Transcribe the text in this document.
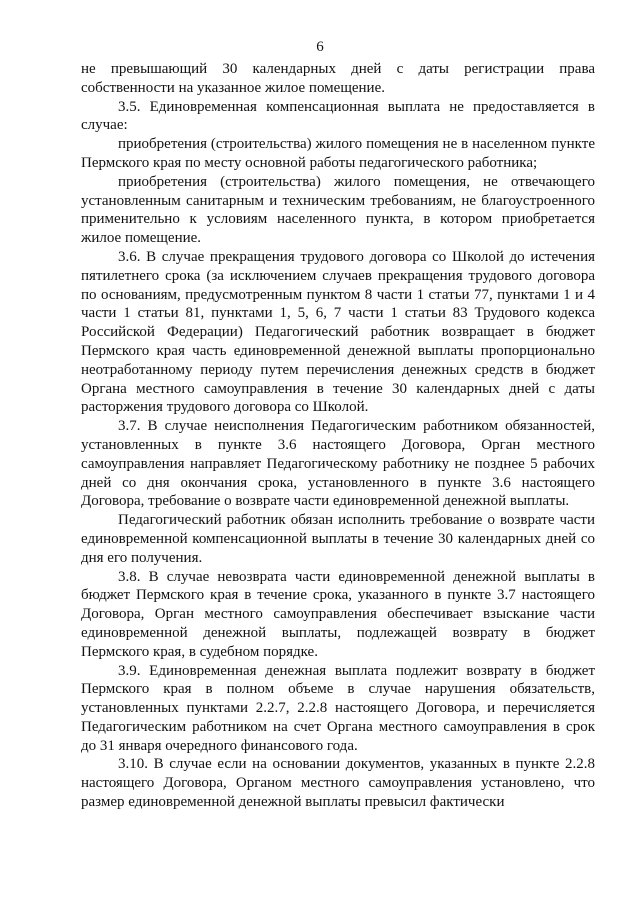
6

не превышающий 30 календарных дней с даты регистрации права собственности на указанное жилое помещение.

3.5. Единовременная компенсационная выплата не предоставляется в случае:

приобретения (строительства) жилого помещения не в населенном пункте Пермского края по месту основной работы педагогического работника;

приобретения (строительства) жилого помещения, не отвечающего установленным санитарным и техническим требованиям, не благоустроенного применительно к условиям населенного пункта, в котором приобретается жилое помещение.

3.6. В случае прекращения трудового договора со Школой до истечения пятилетнего срока (за исключением случаев прекращения трудового договора по основаниям, предусмотренным пунктом 8 части 1 статьи 77, пунктами 1 и 4 части 1 статьи 81, пунктами 1, 5, 6, 7 части 1 статьи 83 Трудового кодекса Российской Федерации) Педагогический работник возвращает в бюджет Пермского края часть единовременной денежной выплаты пропорционально неотработанному периоду путем перечисления денежных средств в бюджет Органа местного самоуправления в течение 30 календарных дней с даты расторжения трудового договора со Школой.

3.7. В случае неисполнения Педагогическим работником обязанностей, установленных в пункте 3.6 настоящего Договора, Орган местного самоуправления направляет Педагогическому работнику не позднее 5 рабочих дней со дня окончания срока, установленного в пункте 3.6 настоящего Договора, требование о возврате части единовременной денежной выплаты.

Педагогический работник обязан исполнить требование о возврате части единовременной компенсационной выплаты в течение 30 календарных дней со дня его получения.

3.8. В случае невозврата части единовременной денежной выплаты в бюджет Пермского края в течение срока, указанного в пункте 3.7 настоящего Договора, Орган местного самоуправления обеспечивает взыскание части единовременной денежной выплаты, подлежащей возврату в бюджет Пермского края, в судебном порядке.

3.9. Единовременная денежная выплата подлежит возврату в бюджет Пермского края в полном объеме в случае нарушения обязательств, установленных пунктами 2.2.7, 2.2.8 настоящего Договора, и перечисляется Педагогическим работником на счет Органа местного самоуправления в срок до 31 января очередного финансового года.

3.10. В случае если на основании документов, указанных в пункте 2.2.8 настоящего Договора, Органом местного самоуправления установлено, что размер единовременной денежной выплаты превысил фактически
